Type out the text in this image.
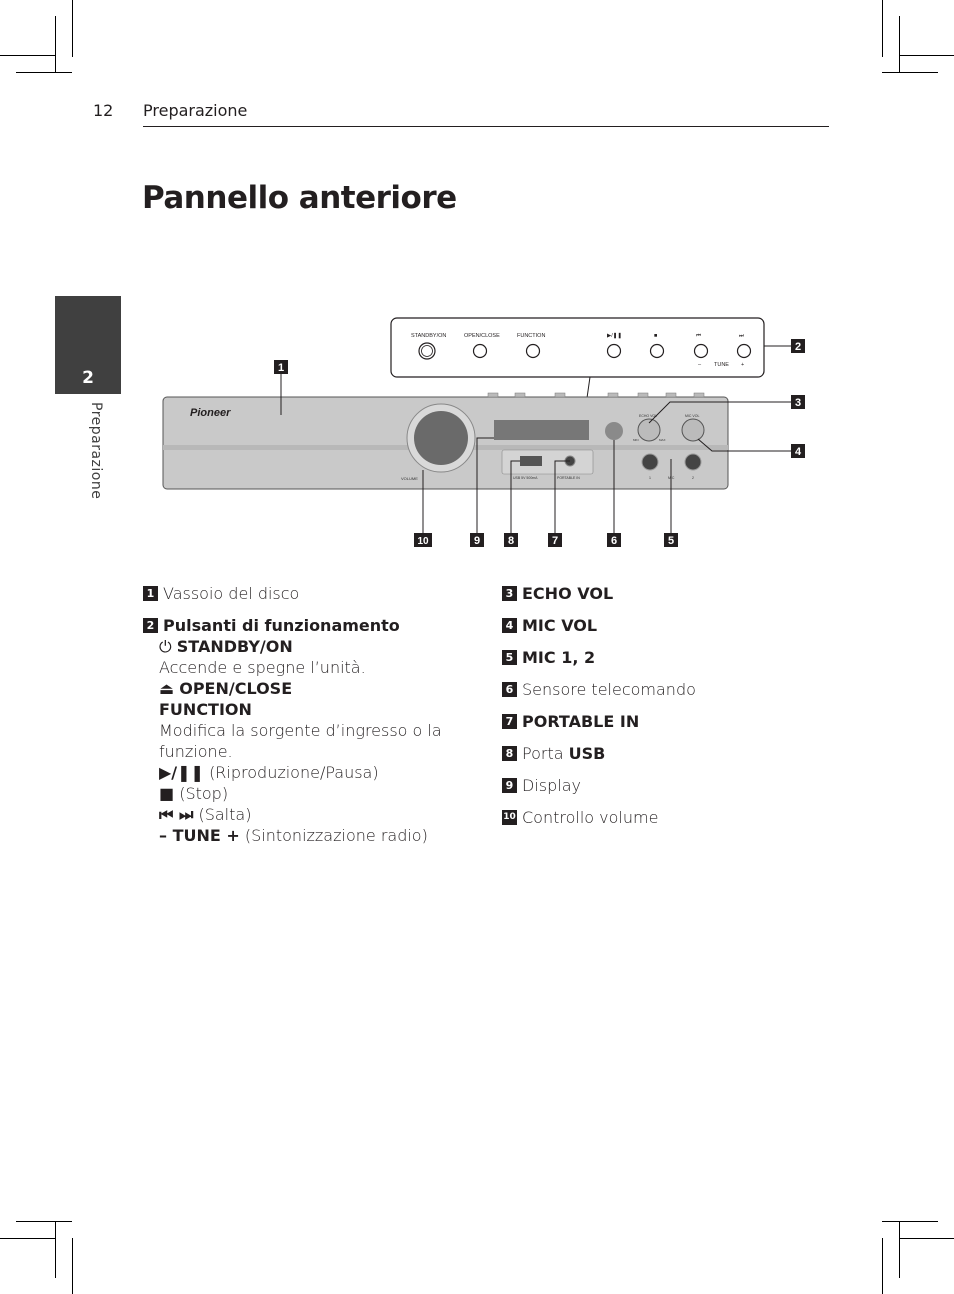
12 Preparazione
Pannello anteriore
2
Preparazione
STANDBY/ON	OPEN/CLOSE	FUNCTION	▶/❚❚	■	⏮	⏭
– TUNE +
Pioneer
VOLUME	USB 5V 500mA	PORTABLE IN
ECHO VOL	MIC VOL
MIN	MAX
1	MIC	2
1
2
3
4
5
6
7
8
9
10
1 Vassoio del disco
2 Pulsanti di funzionamento
⏻ STANDBY/ON
Accende e spegne l’unità.
⏏ OPEN/CLOSE
FUNCTION
Modifica la sorgente d’ingresso o la funzione.
▶/❚❚ (Riproduzione/Pausa)
■ (Stop)
⏮ ⏭ (Salta)
– TUNE + (Sintonizzazione radio)
3 ECHO VOL
4 MIC VOL
5 MIC 1, 2
6 Sensore telecomando
7 PORTABLE IN
8 Porta USB
9 Display
10 Controllo volume
